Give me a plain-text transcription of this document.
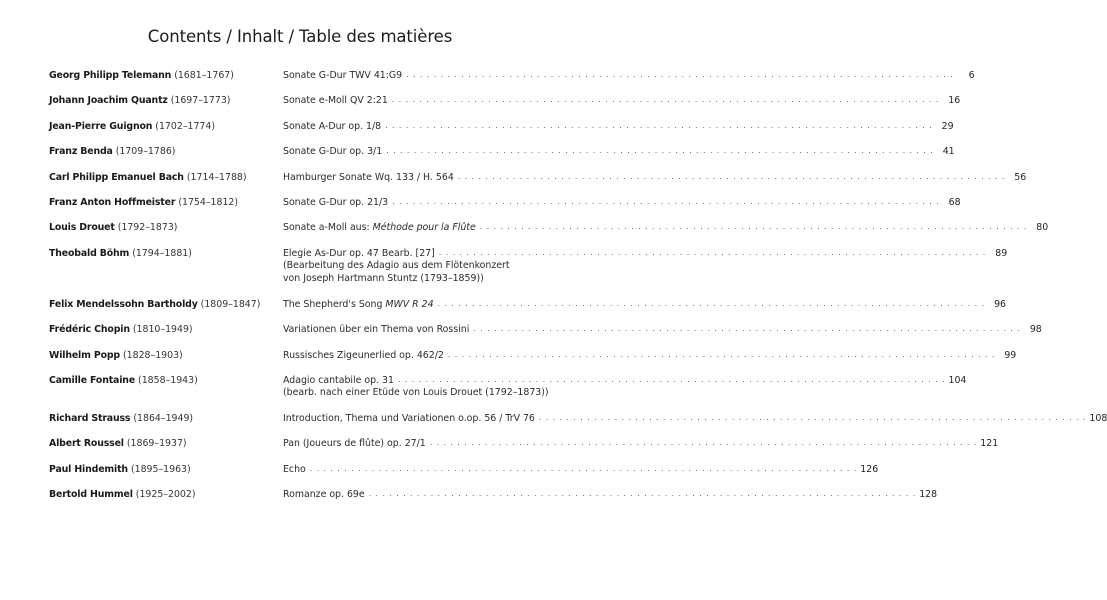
Contents / Inhalt / Table des matières
Georg Philipp Telemann (1681–1767)	Sonate G-Dur TWV 41:G9 . . .	6
Johann Joachim Quantz (1697–1773)	Sonate e-Moll QV 2:21 . . .	16
Jean-Pierre Guignon (1702–1774)	Sonate A-Dur op. 1/8 . . .	29
Franz Benda (1709–1786)	Sonate G-Dur op. 3/1 . . .	41
Carl Philipp Emanuel Bach (1714–1788)	Hamburger Sonate Wq. 133 / H. 564 . . .	56
Franz Anton Hoffmeister (1754–1812)	Sonate G-Dur op. 21/3 . . .	68
Louis Drouet (1792–1873)	Sonate a-Moll aus: Méthode pour la Flûte . . .	80
Theobald Böhm (1794–1881)	Elegie As-Dur op. 47 Bearb. [27] . . .	89
(Bearbeitung des Adagio aus dem Flötenkonzert
von Joseph Hartmann Stuntz (1793–1859))
Felix Mendelssohn Bartholdy (1809–1847)	The Shepherd's Song MWV R 24 . . .	96
Frédéric Chopin (1810–1949)	Variationen über ein Thema von Rossini . . .	98
Wilhelm Popp (1828–1903)	Russisches Zigeunerlied op. 462/2 . . .	99
Camille Fontaine (1858–1943)	Adagio cantabile op. 31 . . .	104
(bearb. nach einer Etüde von Louis Drouet (1792–1873))
Richard Strauss (1864–1949)	Introduction, Thema und Variationen o.op. 56 / TrV 76 . . .	108
Albert Roussel (1869–1937)	Pan (Joueurs de flûte) op. 27/1 . . .	121
Paul Hindemith (1895–1963)	Echo . . .	126
Bertold Hummel (1925–2002)	Romanze op. 69e . . .	128
